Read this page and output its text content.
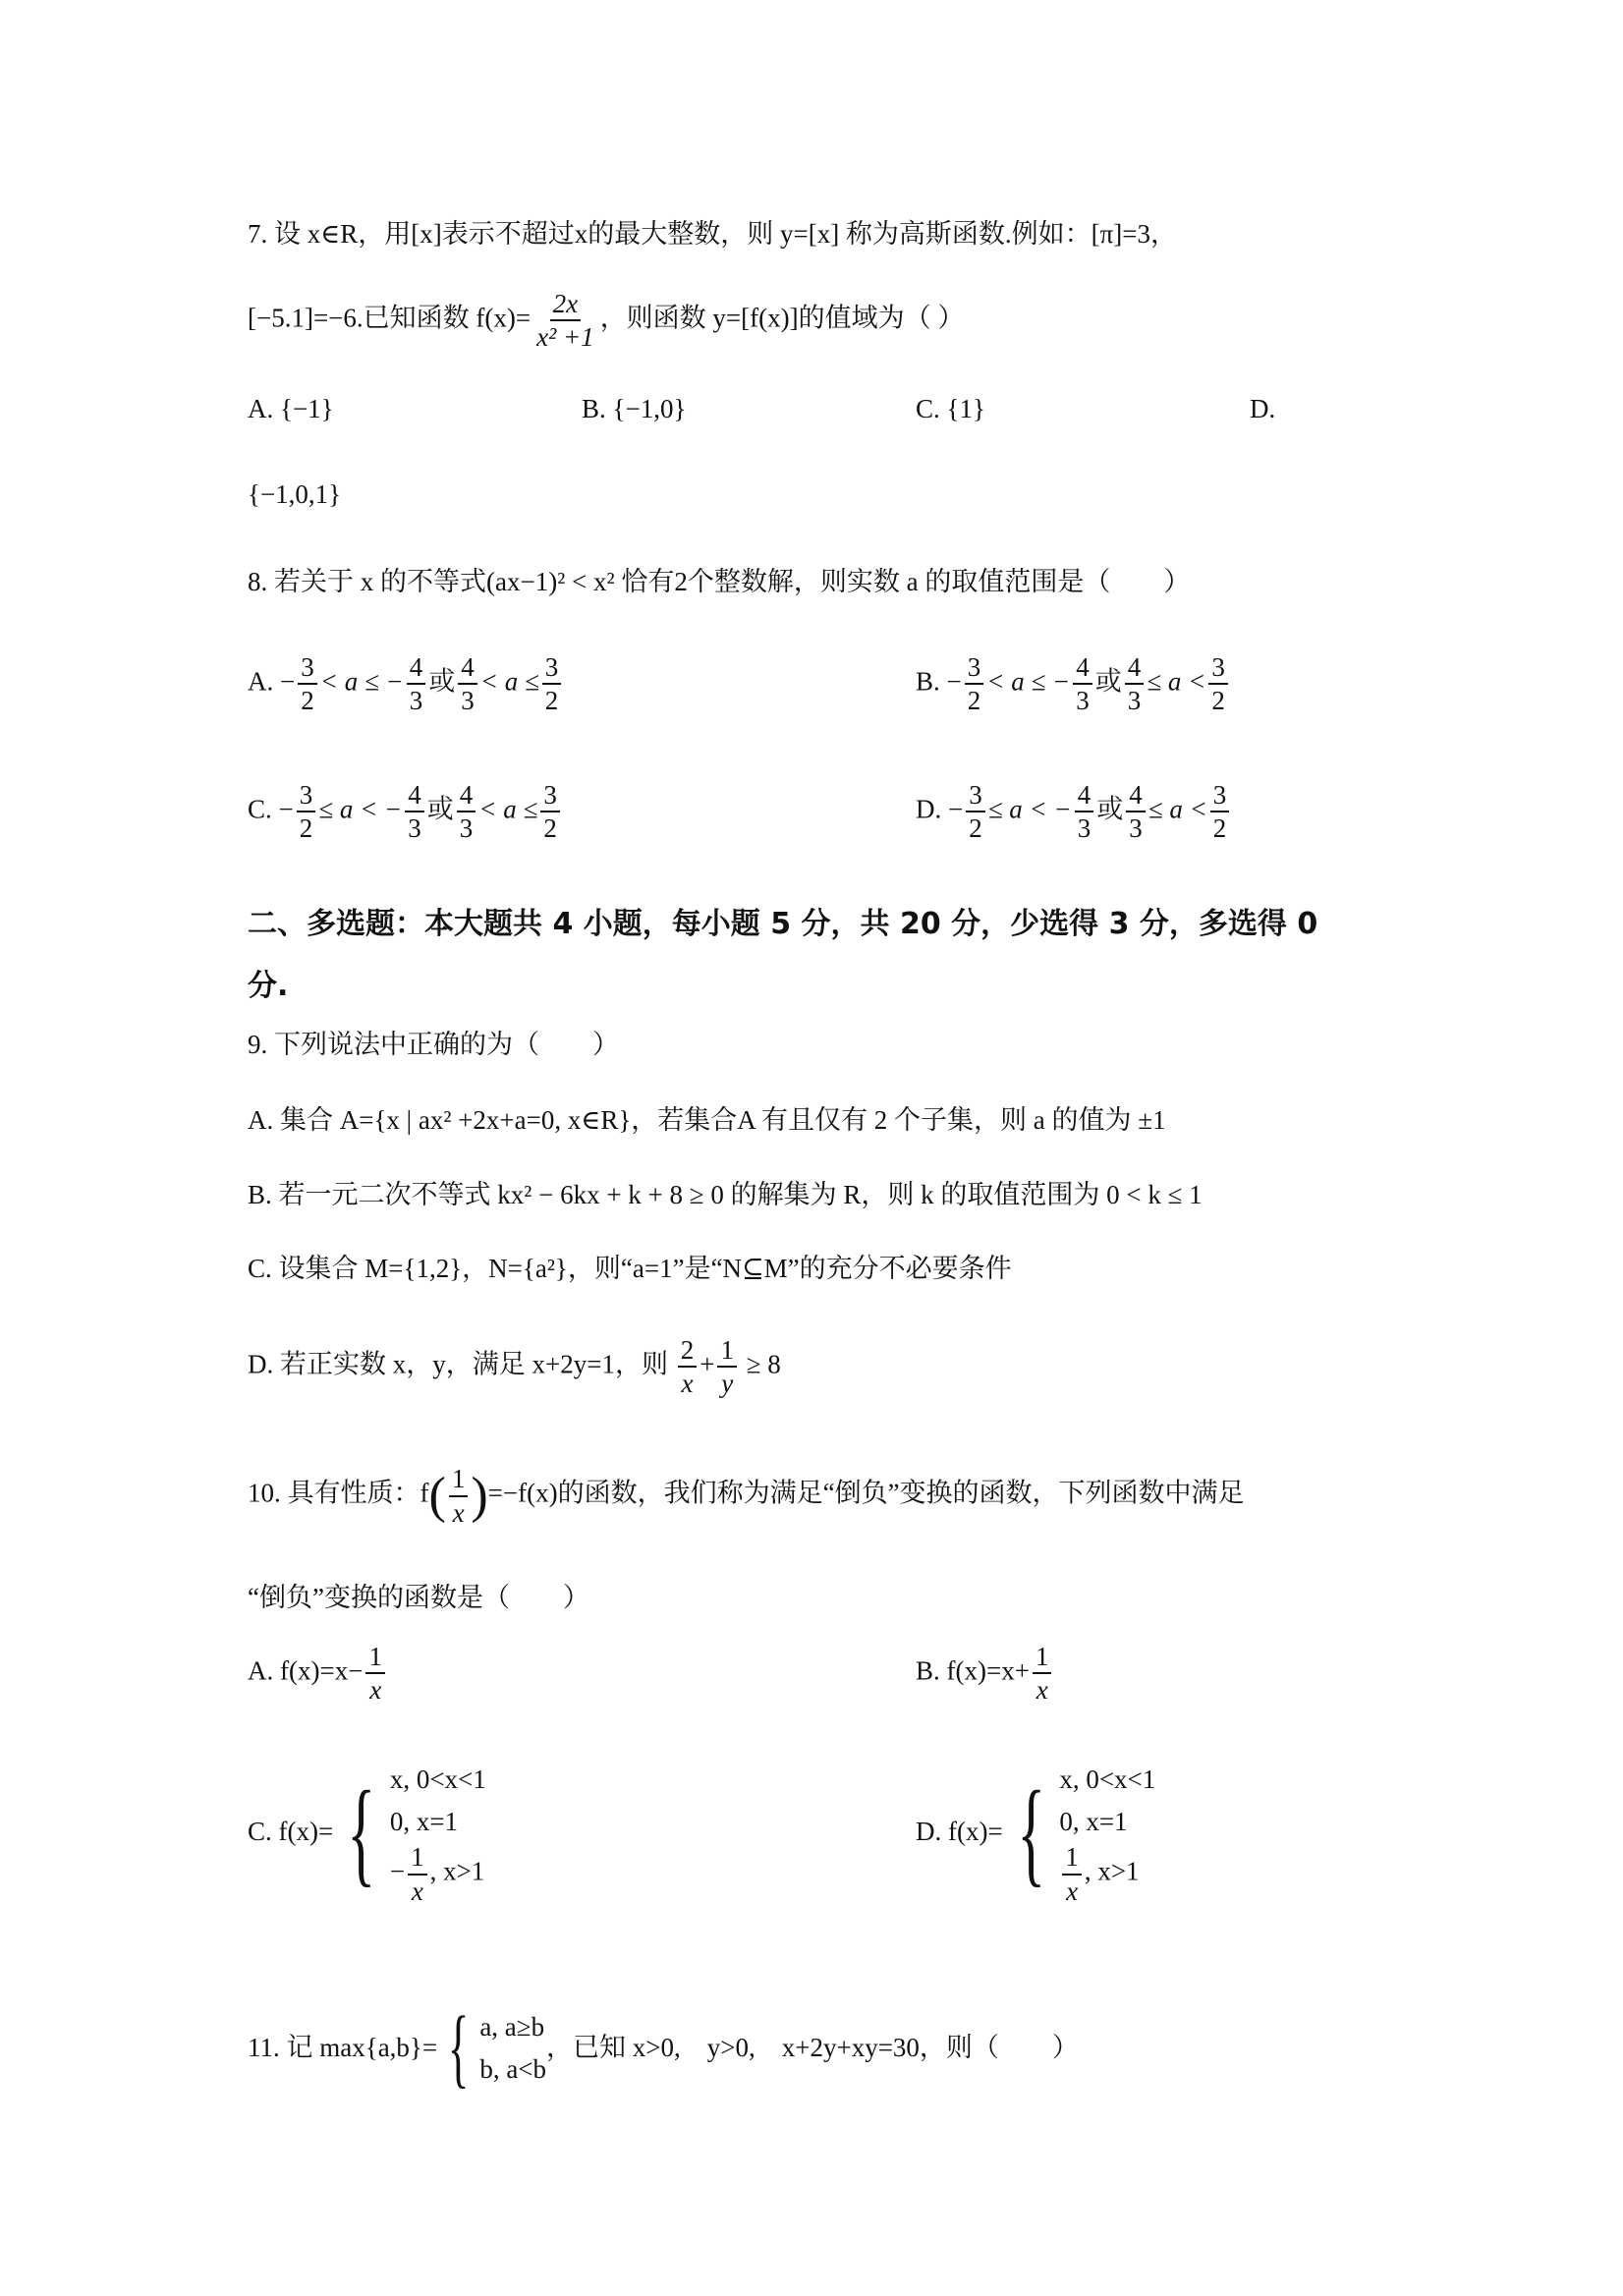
7. 设 x∈R，用[x]表示不超过x的最大整数，则 y=[x] 称为高斯函数.例如：[π]=3，
[−5.1]=−6.已知函数 $f(x)= \frac{2x}{\text{x² +1}}$ ，则函数 y=[f(x)]的值域为（ ）
A. {−1}	B. {−1,0}	C. {1}	D.
{−1,0,1}
8. 若关于 x 的不等式(ax−1)² < x² 恰有2个整数解，则实数 a 的取值范围是（　　）
A. − $\frac{3}{2} < a$ ≤ − $\frac{4}{3}$ 或 $\frac{4}{3} < a \le \frac{3}{2}$	B. − $\frac{3}{2} < a$ ≤ − $\frac{4}{3}$ 或 $\frac{4}{3} \le a < \frac{3}{2}$
C. − $\frac{3}{2} \le a$ < − $\frac{4}{3}$ 或 $\frac{4}{3} < a \le \frac{3}{2}$	D. − $\frac{3}{2} \le a$ < − $\frac{4}{3}$ 或 $\frac{4}{3} \le a < \frac{3}{2}$
二、多选题：本大题共 4 小题，每小题 5 分，共 20 分，少选得 3 分，多选得 0
分.
9. 下列说法中正确的为（　　）
A. 集合 A={x | ax² +2x+a=0, x∈R}，若集合A 有且仅有 2 个子集，则 a 的值为 ±1
B. 若一元二次不等式 kx² − 6kx + k + 8 ≥ 0 的解集为 R，则 k 的取值范围为 0 < k ≤ 1
C. 设集合 M={1,2}，N={a²}，则“a=1”是“N⊆M”的充分不必要条件
D. 若正实数 x，y，满足 x+2y=1，则 $\frac{2}{x} + \frac{1}{y} \ge 8$
10. 具有性质：$f( \frac{1}{x} )=-f(x)$的函数，我们称为满足“倒负”变换的函数，下列函数中满足
“倒负”变换的函数是（　　）
A. $f(x)=x- \frac{1}{x}$	B. $f(x)=x+ \frac{1}{x}$
C. f(x)= { x, 0<x<1
0, x=1
− $\frac{1}{x}$ , x>1
D. f(x)= { x, 0<x<1
0, x=1
$\frac{1}{x}$ , x>1
11. 记 max{a,b}= { a, a≥b
b, a<b
，已知 x>0,　y>0,　x+2y+xy=30，则（　　）
